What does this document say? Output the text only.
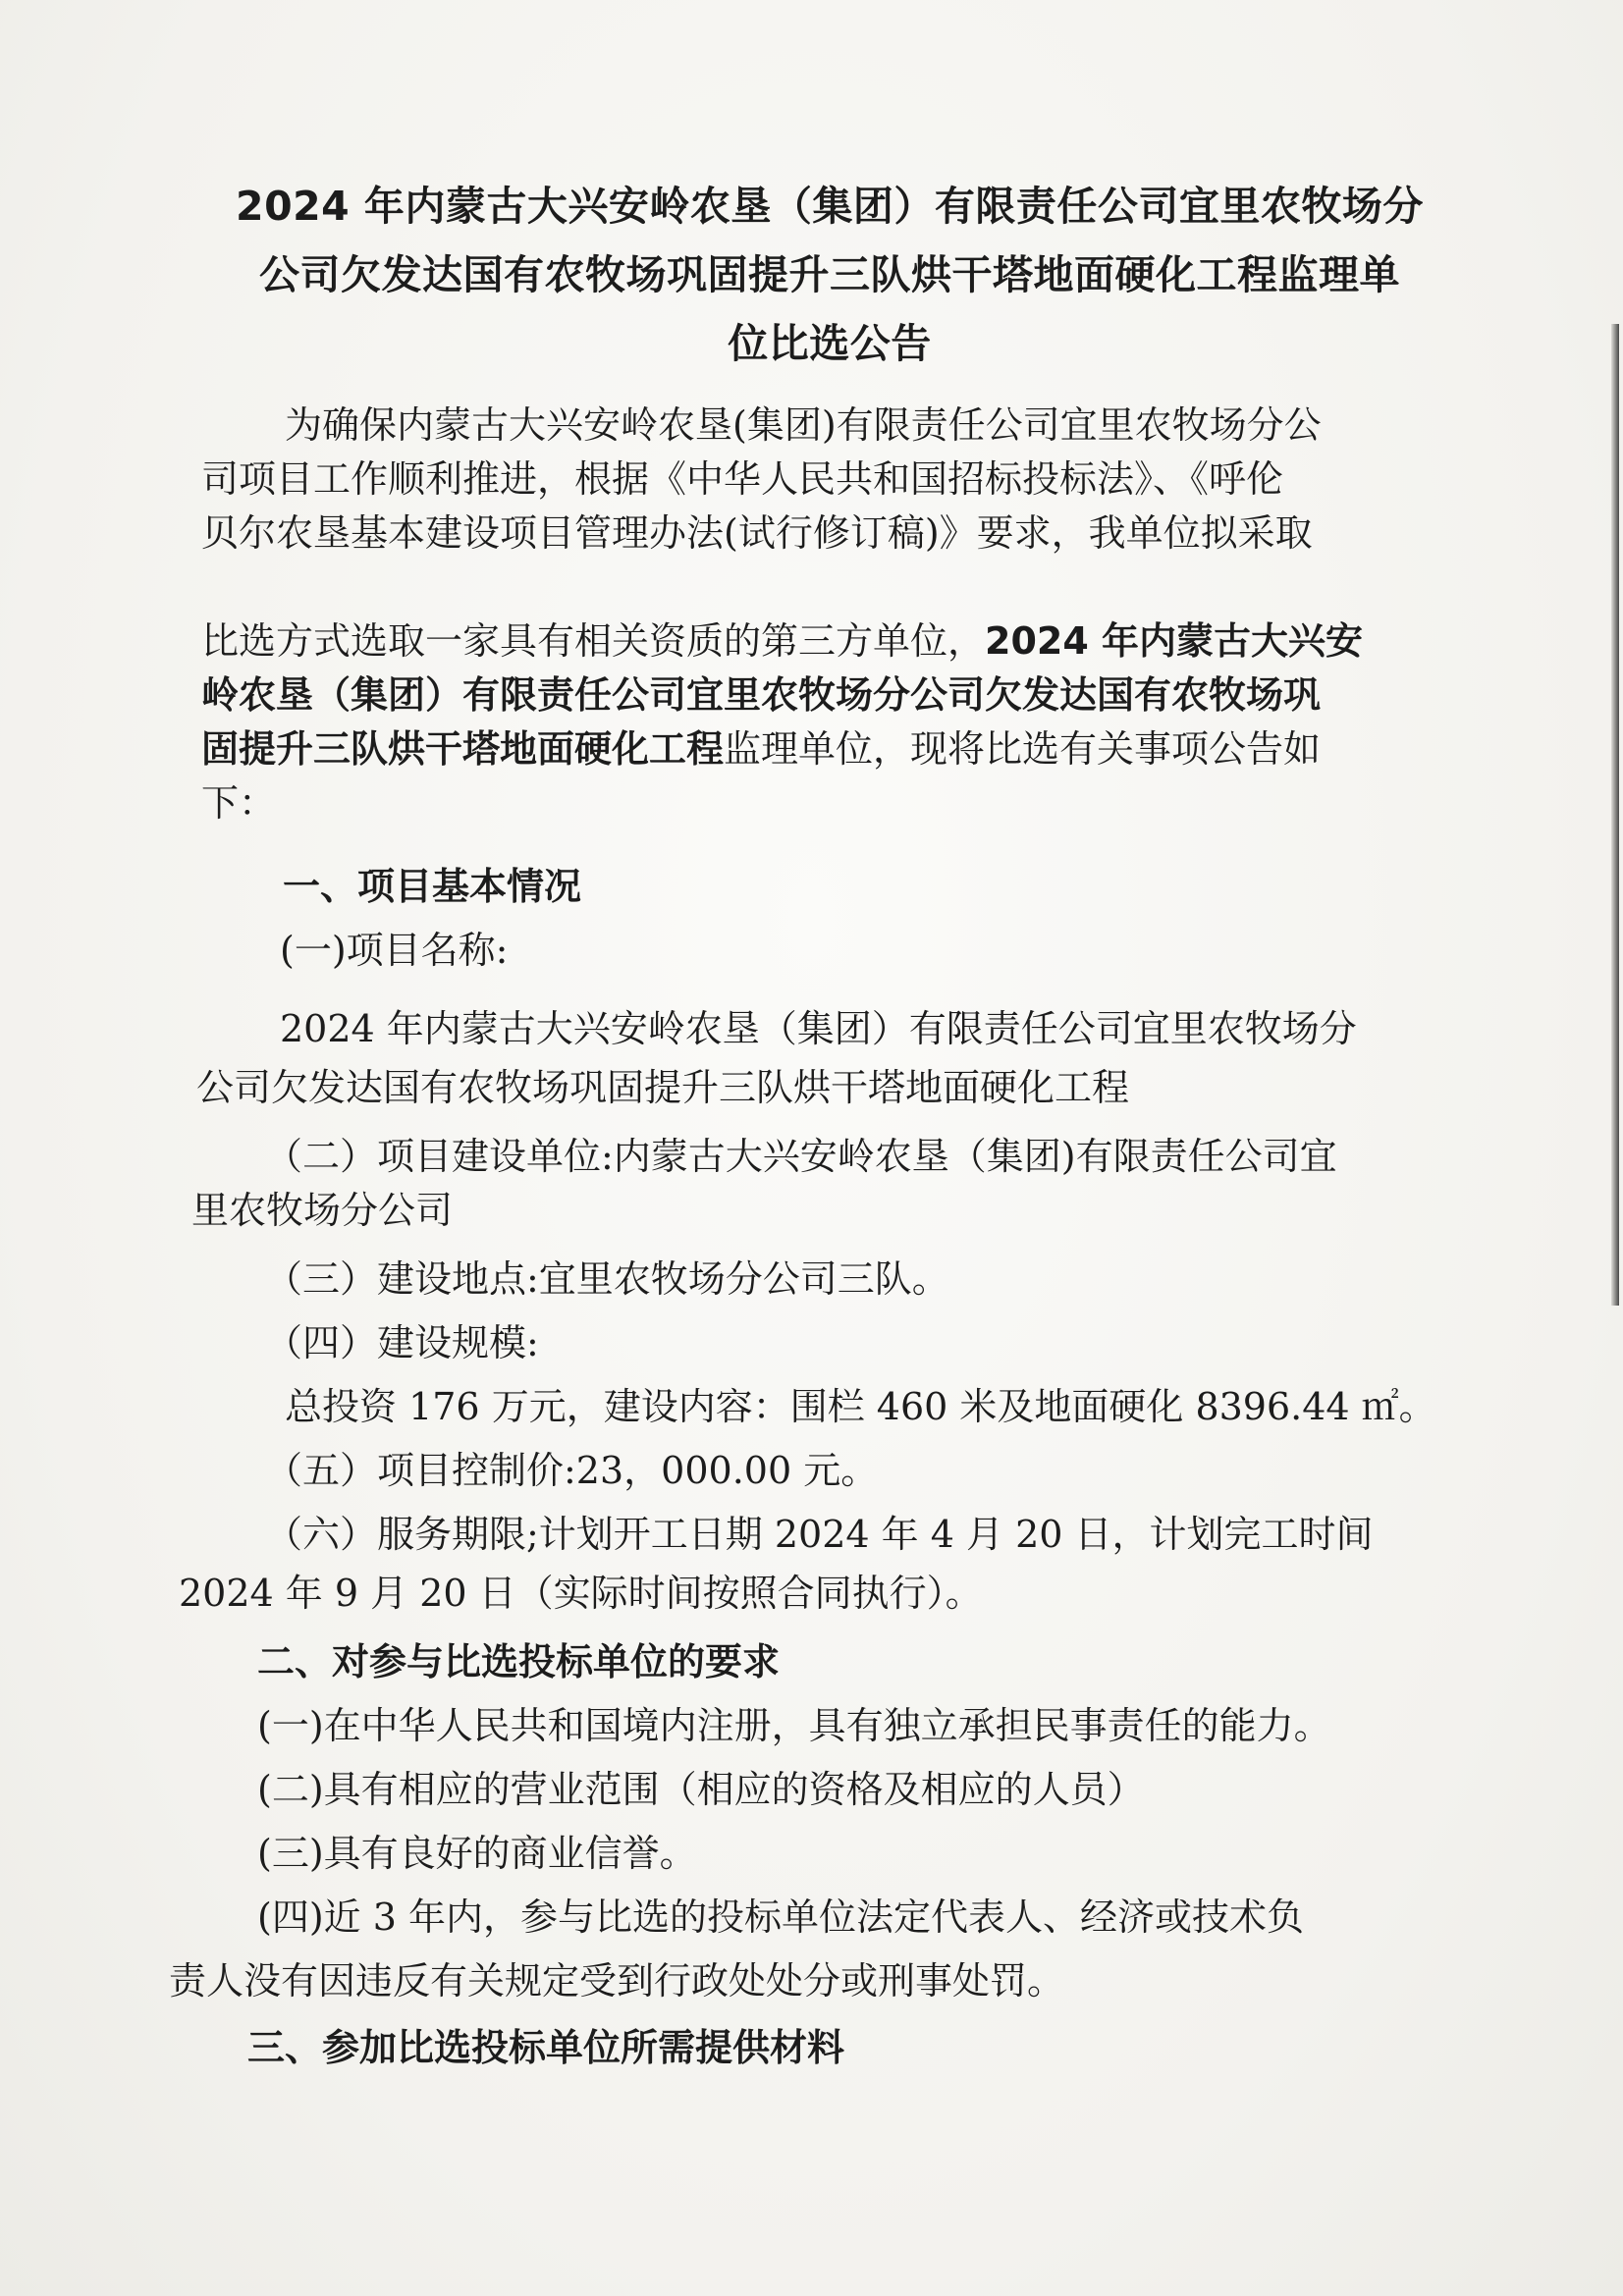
2024 年内蒙古大兴安岭农垦（集团）有限责任公司宜里农牧场分
公司欠发达国有农牧场巩固提升三队烘干塔地面硬化工程监理单
位比选公告
为确保内蒙古大兴安岭农垦(集团)有限责任公司宜里农牧场分公
司项目工作顺利推进，根据《中华人民共和国招标投标法》、《呼伦
贝尔农垦基本建设项目管理办法(试行修订稿)》要求，我单位拟采取
比选方式选取一家具有相关资质的第三方单位，2024 年内蒙古大兴安
岭农垦（集团）有限责任公司宜里农牧场分公司欠发达国有农牧场巩
固提升三队烘干塔地面硬化工程监理单位，现将比选有关事项公告如
下：
一、项目基本情况
(一)项目名称:
2024 年内蒙古大兴安岭农垦（集团）有限责任公司宜里农牧场分
公司欠发达国有农牧场巩固提升三队烘干塔地面硬化工程
（二）项目建设单位:内蒙古大兴安岭农垦（集团)有限责任公司宜
里农牧场分公司
（三）建设地点:宜里农牧场分公司三队。
（四）建设规模:
总投资 176 万元，建设内容：围栏 460 米及地面硬化 8396.44 ㎡。
（五）项目控制价:23，000.00 元。
（六）服务期限;计划开工日期 2024 年 4 月 20 日，计划完工时间
2024 年 9 月 20 日（实际时间按照合同执行）。
二、对参与比选投标单位的要求
(一)在中华人民共和国境内注册，具有独立承担民事责任的能力。
(二)具有相应的营业范围（相应的资格及相应的人员）
(三)具有良好的商业信誉。
(四)近 3 年内，参与比选的投标单位法定代表人、经济或技术负
责人没有因违反有关规定受到行政处处分或刑事处罚。
三、参加比选投标单位所需提供材料
